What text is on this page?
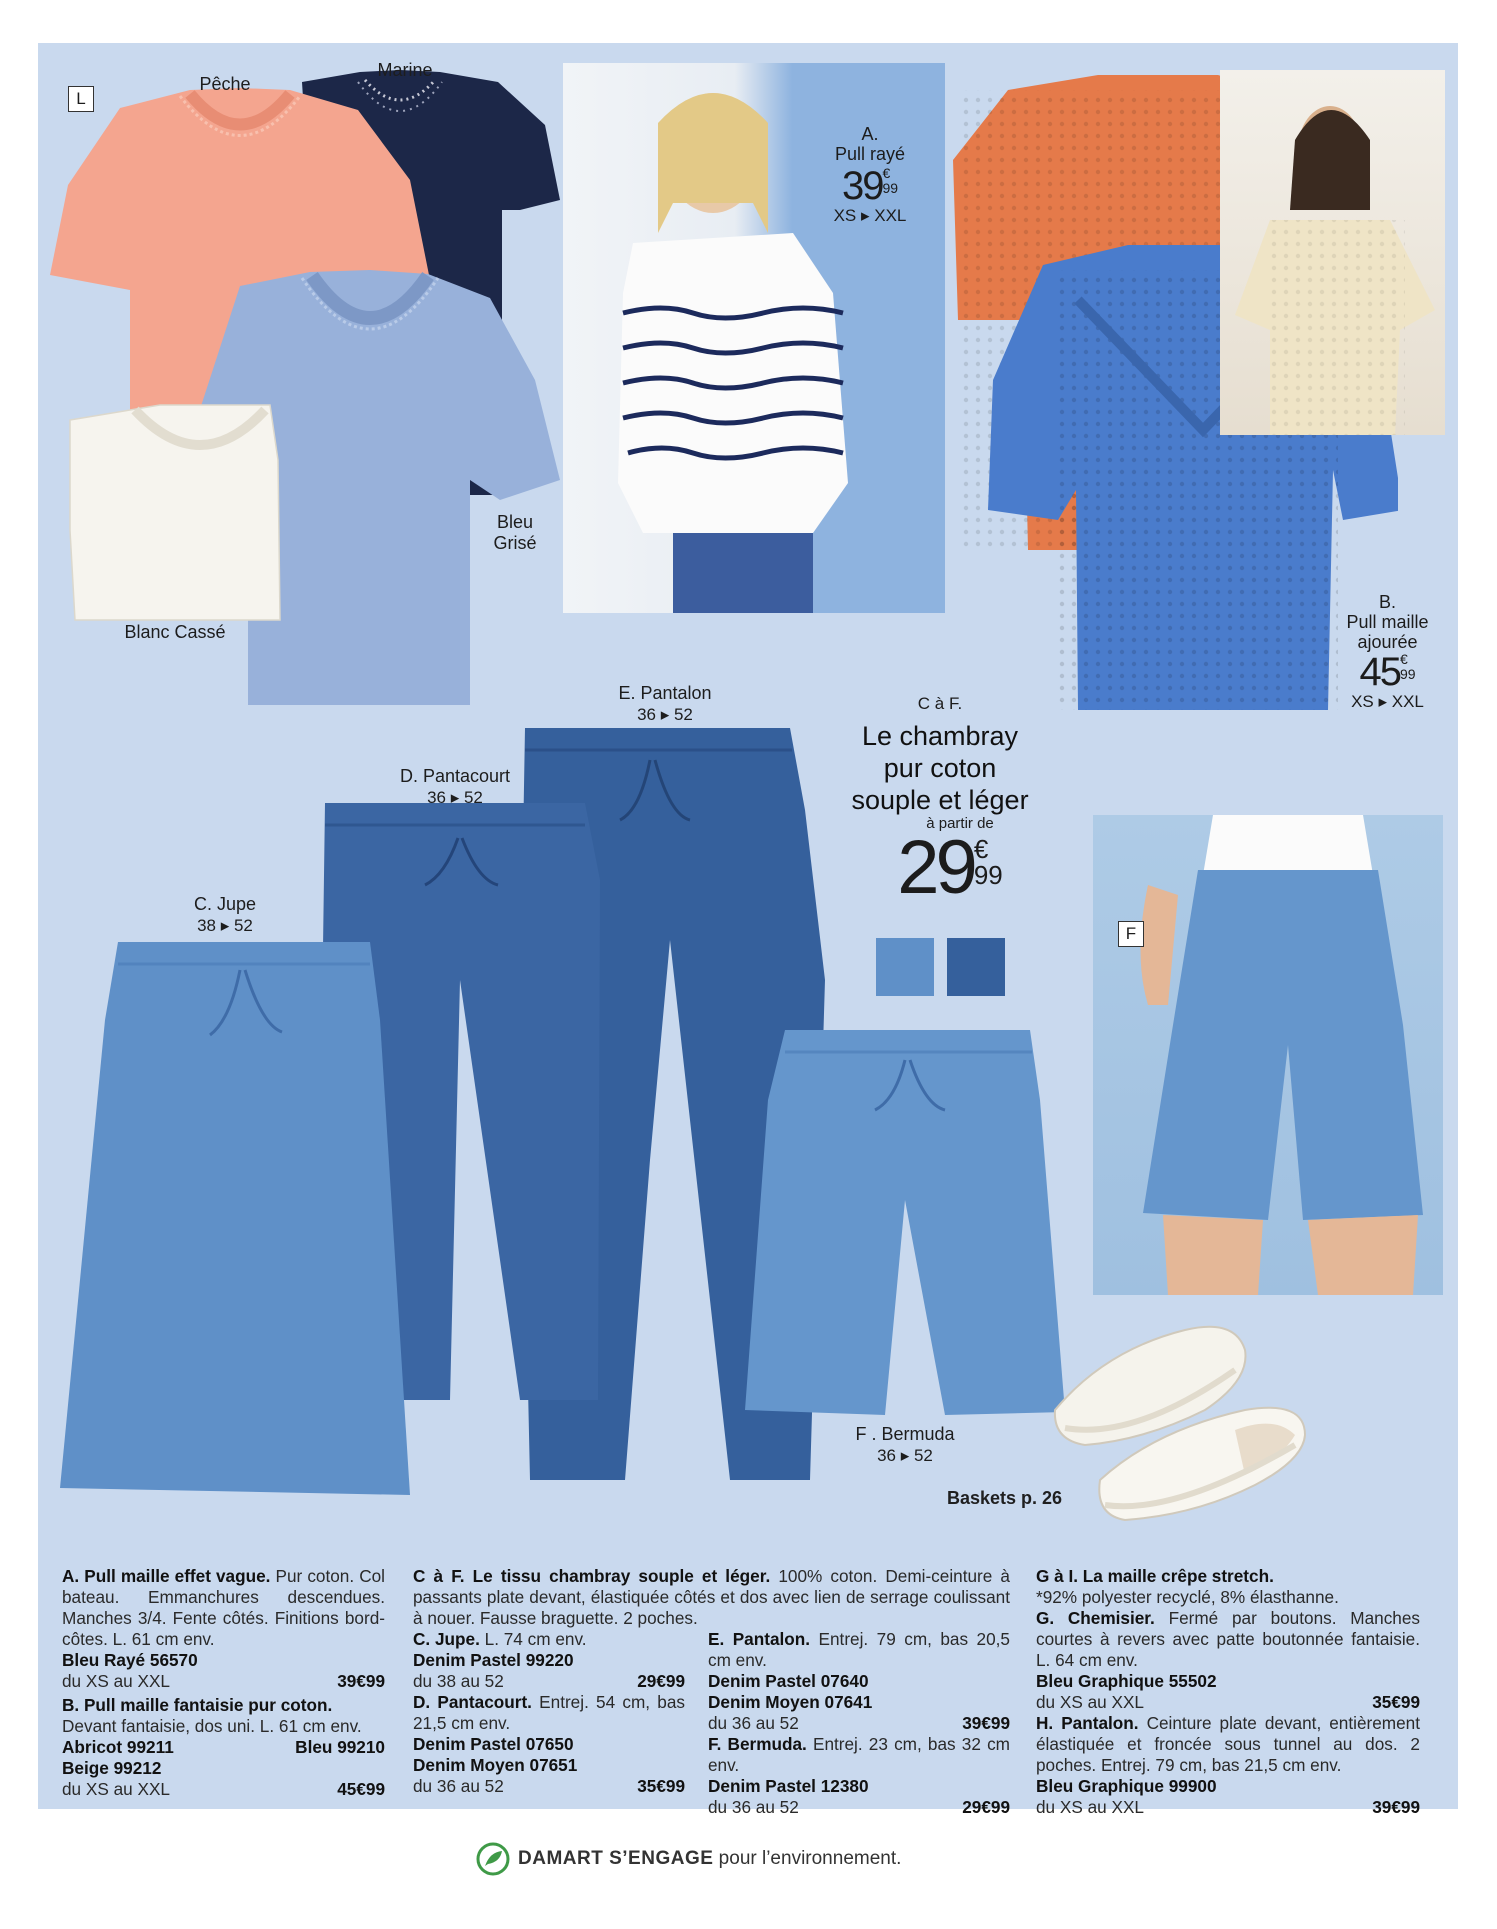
L
Pêche
Marine
Bleu
Grisé
Blanc Cassé
A.
Pull rayé
39€
99
XS ▸ XXL
B.
Pull maille
ajourée
45€
99
XS ▸ XXL
C à F.
Le chambray
pur coton
souple et léger
à partir de
29€
99
E. Pantalon
36 ▸ 52
D. Pantacourt
36 ▸ 52
C. Jupe
38 ▸ 52
F . Bermuda
36 ▸ 52
F
Baskets p. 26
A. Pull maille effet vague. Pur coton. Col bateau. Emmanchures descendues. Manches 3/4. Fente côtés. Finitions bord-côtes. L. 61 cm env.
Bleu Rayé 56570
du XS au XXL	39€99
B. Pull maille fantaisie pur coton.
Devant fantaisie, dos uni. L. 61 cm env.
Abricot 99211	Bleu 99210
Beige 99212
du XS au XXL	45€99
C à F. Le tissu chambray souple et léger. 100% coton. Demi-ceinture à passants plate devant, élastiquée côtés et dos avec lien de serrage coulissant à nouer. Fausse braguette. 2 poches.
C. Jupe. L. 74 cm env.
Denim Pastel 99220
du 38 au 52	29€99
D. Pantacourt. Entrej. 54 cm, bas 21,5 cm env.
Denim Pastel 07650
Denim Moyen 07651
du 36 au 52	35€99
E. Pantalon. Entrej. 79 cm, bas 20,5 cm env.
Denim Pastel 07640
Denim Moyen 07641
du 36 au 52	39€99
F. Bermuda. Entrej. 23 cm, bas 32 cm env.
Denim Pastel 12380
du 36 au 52	29€99
G à I. La maille crêpe stretch.
*92% polyester recyclé, 8% élasthanne.
G. Chemisier. Fermé par boutons. Manches courtes à revers avec patte boutonnée fantaisie. L. 64 cm env.
Bleu Graphique 55502
du XS au XXL	35€99
H. Pantalon. Ceinture plate devant, entièrement élastiquée et froncée sous tunnel au dos. 2 poches. Entrej. 79 cm, bas 21,5 cm env.
Bleu Graphique 99900
du XS au XXL	39€99
DAMART S’ENGAGE pour l’environnement.
